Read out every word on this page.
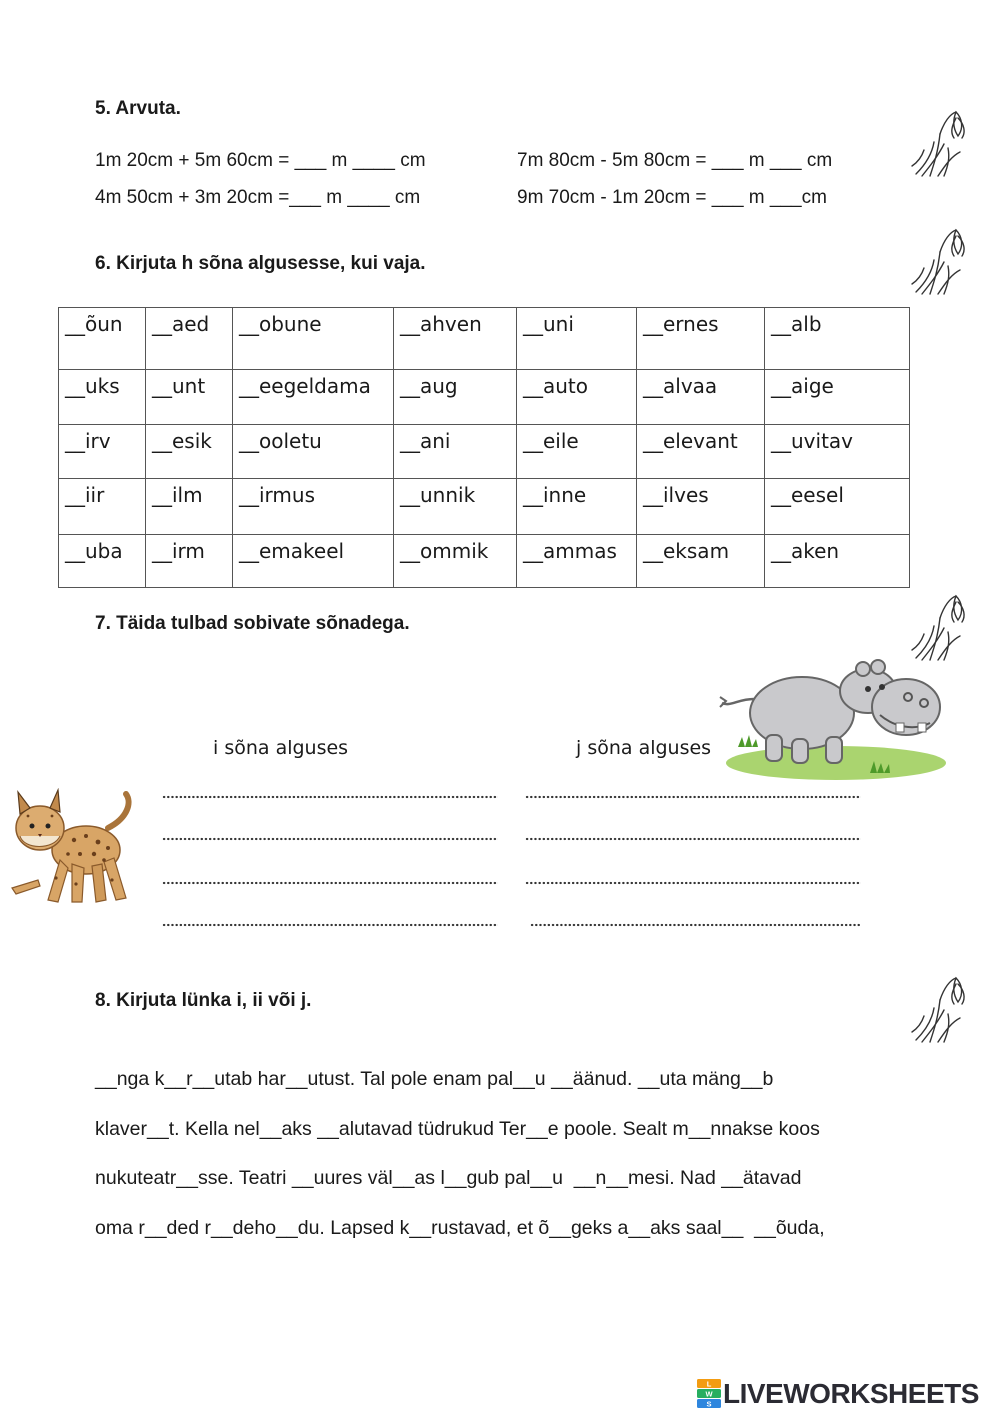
5. Arvuta.
1m 20cm + 5m 60cm = ___ m ____ cm	7m 80cm - 5m 80cm = ___ m ___ cm
4m 50cm + 3m 20cm =___ m ____ cm	9m 70cm - 1m 20cm = ___ m ___cm
6. Kirjuta h sõna algusesse, kui vaja.
__õun	__aed	__obune	__ahven	__uni	__ernes	__alb
__uks	__unt	__eegeldama	__aug	__auto	__alvaa	__aige
__irv	__esik	__ooletu	__ani	__eile	__elevant	__uvitav
__iir	__ilm	__irmus	__unnik	__inne	__ilves	__eesel
__uba	__irm	__emakeel	__ommik	__ammas	__eksam	__aken
7. Täida tulbad sobivate sõnadega.
i sõna alguses	j sõna alguses
8. Kirjuta lünka i, ii või j.
__nga k__r__utab har__utust. Tal pole enam pal__u __äänud. __uta mäng__b
klaver__t. Kella nel__aks __alutavad tüdrukud Ter__e poole. Sealt m__nnakse koos
nukuteatr__sse. Teatri __uures väl__as l__gub pal__u  __n__mesi. Nad __ätavad
oma r__ded r__deho__du. Lapsed k__rustavad, et õ__geks a__aks saal__  __õuda,
L
W
S LIVEWORKSHEETS
